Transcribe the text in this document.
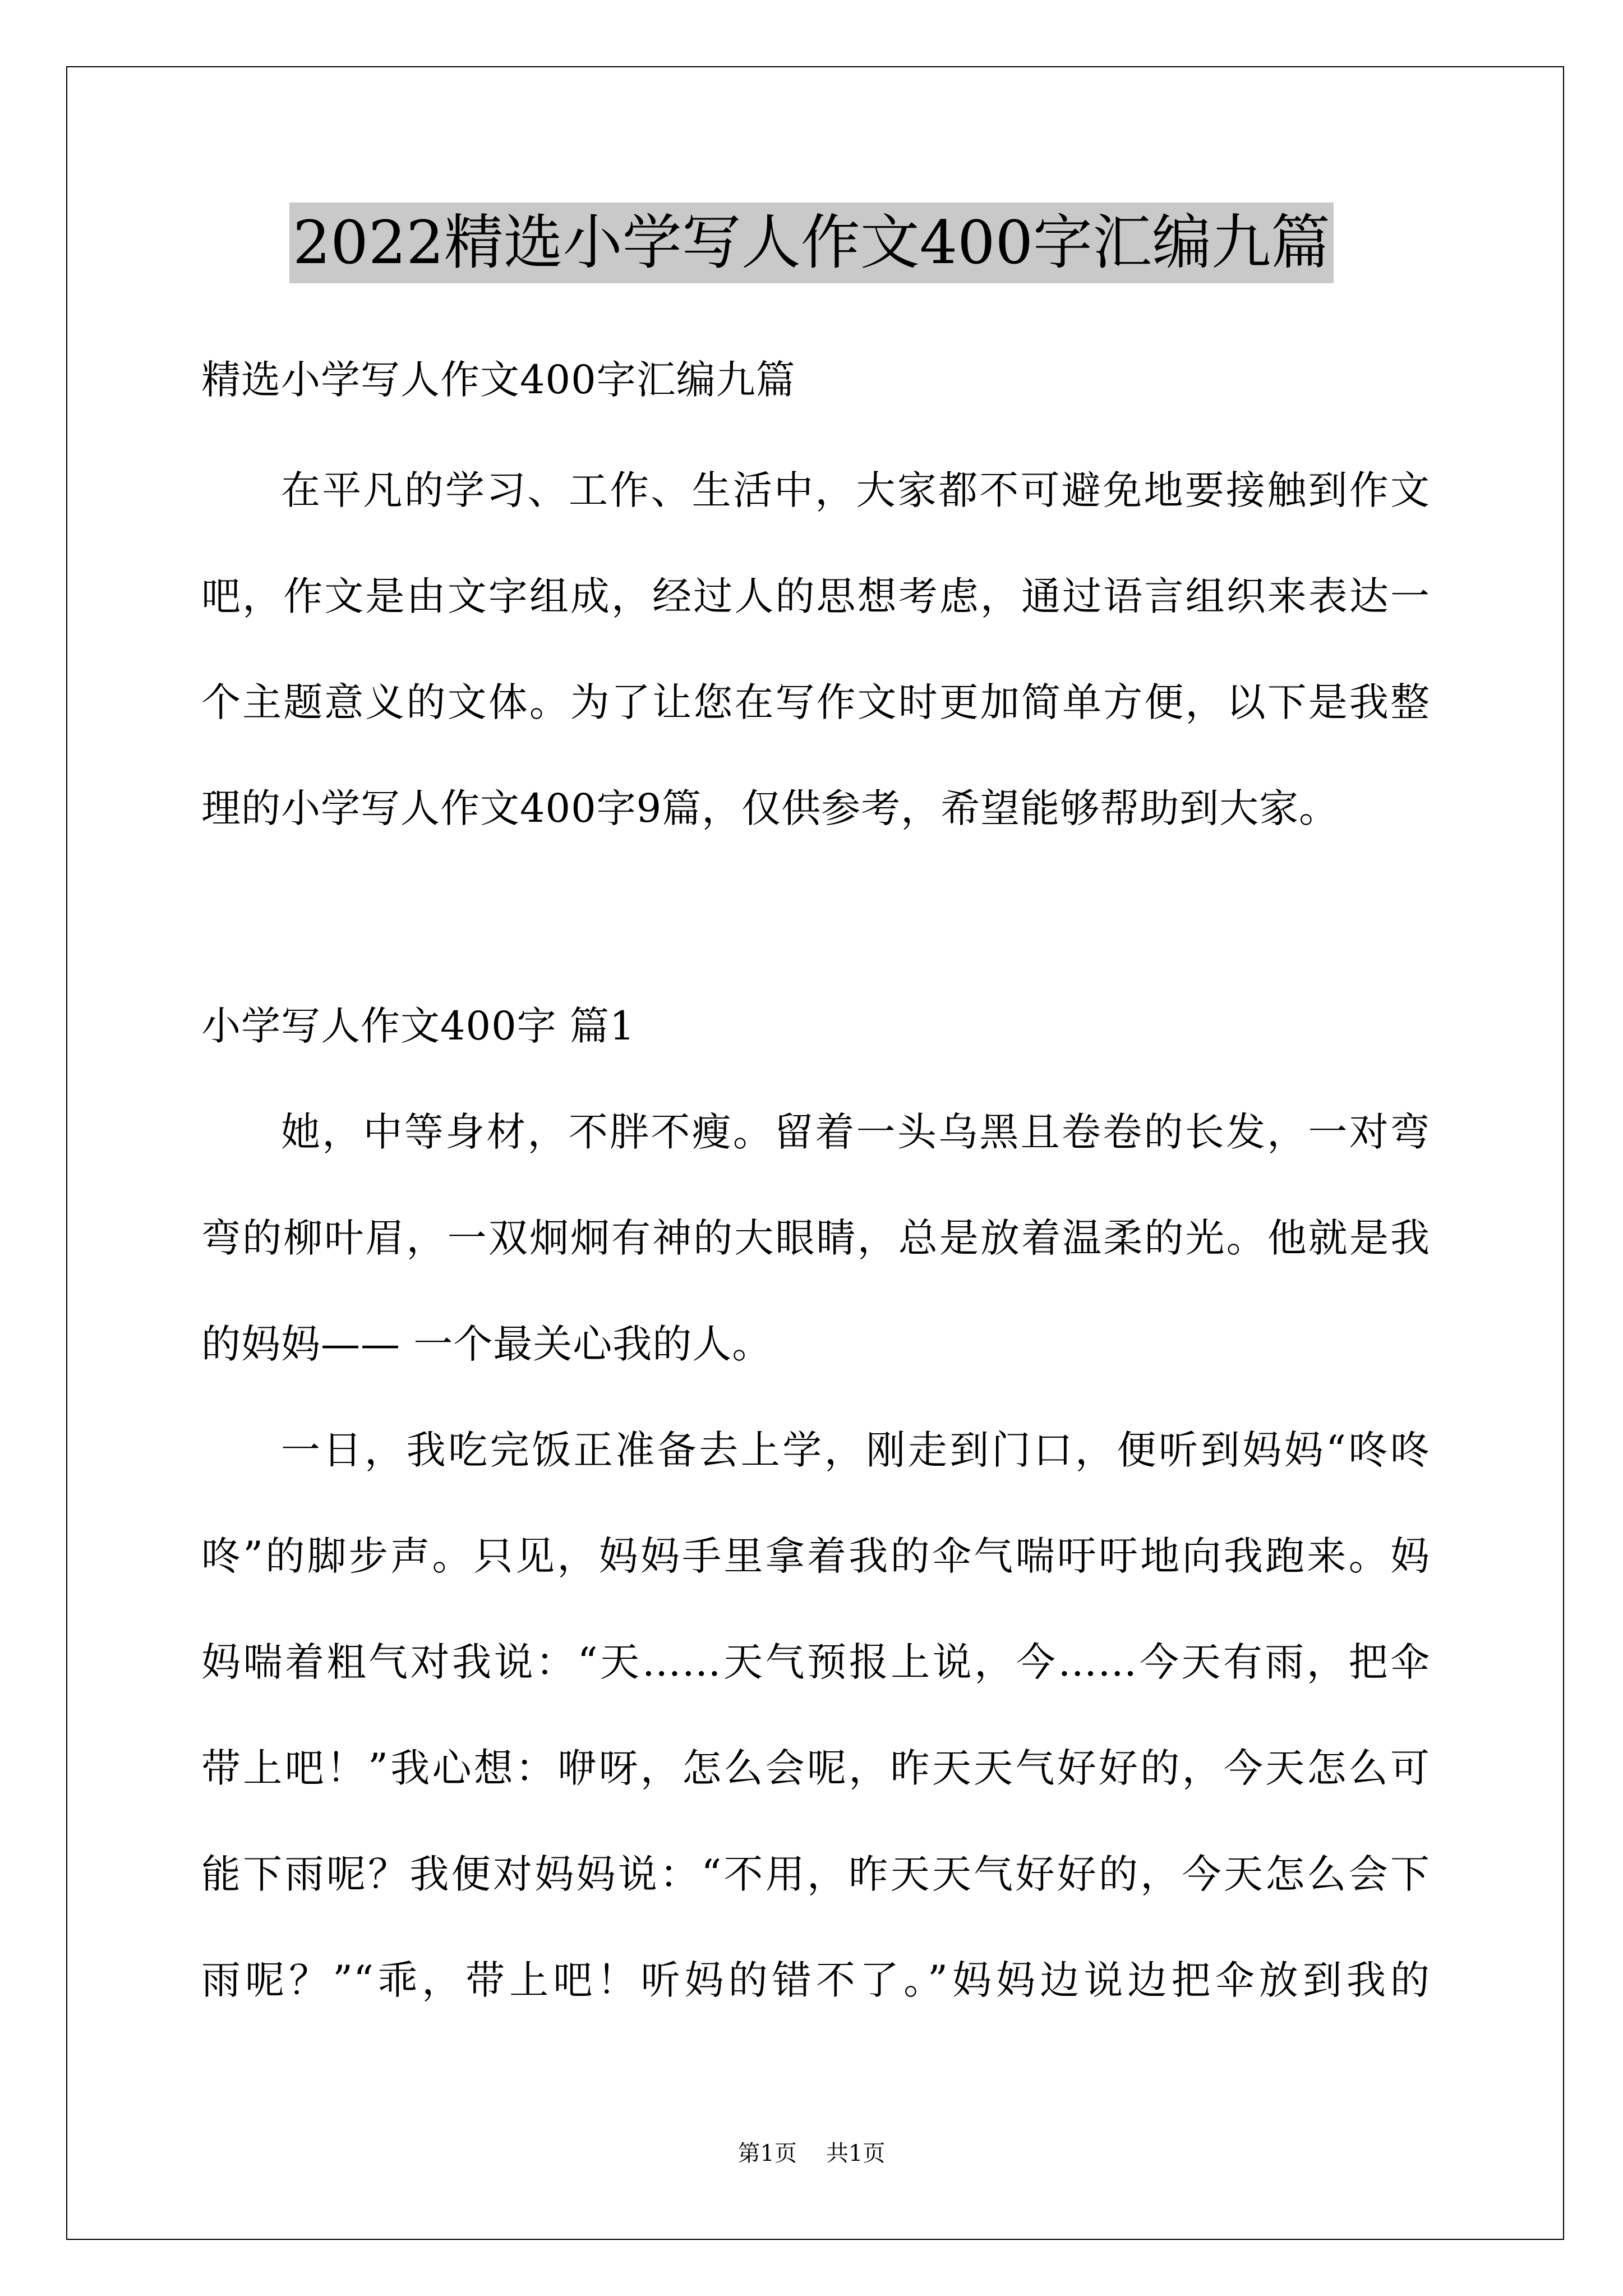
2022精选小学写人作文400字汇编九篇
精选小学写人作文400字汇编九篇
在平凡的学习、工作、生活中，大家都不可避免地要接触到作文
吧，作文是由文字组成，经过人的思想考虑，通过语言组织来表达一
个主题意义的文体。为了让您在写作文时更加简单方便，以下是我整
理的小学写人作文400字9篇，仅供参考，希望能够帮助到大家。
小学写人作文400字 篇1
她，中等身材，不胖不瘦。留着一头乌黑且卷卷的长发，一对弯
弯的柳叶眉，一双炯炯有神的大眼睛，总是放着温柔的光。他就是我
的妈妈—— 一个最关心我的人。
一日，我吃完饭正准备去上学，刚走到门口，便听到妈妈“咚咚
咚”的脚步声。只见，妈妈手里拿着我的伞气喘吁吁地向我跑来。妈
妈喘着粗气对我说：“天……天气预报上说，今……今天有雨，把伞
带上吧！”我心想：咿呀，怎么会呢，昨天天气好好的，今天怎么可
能下雨呢？我便对妈妈说：“不用，昨天天气好好的，今天怎么会下
雨呢？”“乖，带上吧！听妈的错不了。”妈妈边说边把伞放到我的
第1页 共1页
